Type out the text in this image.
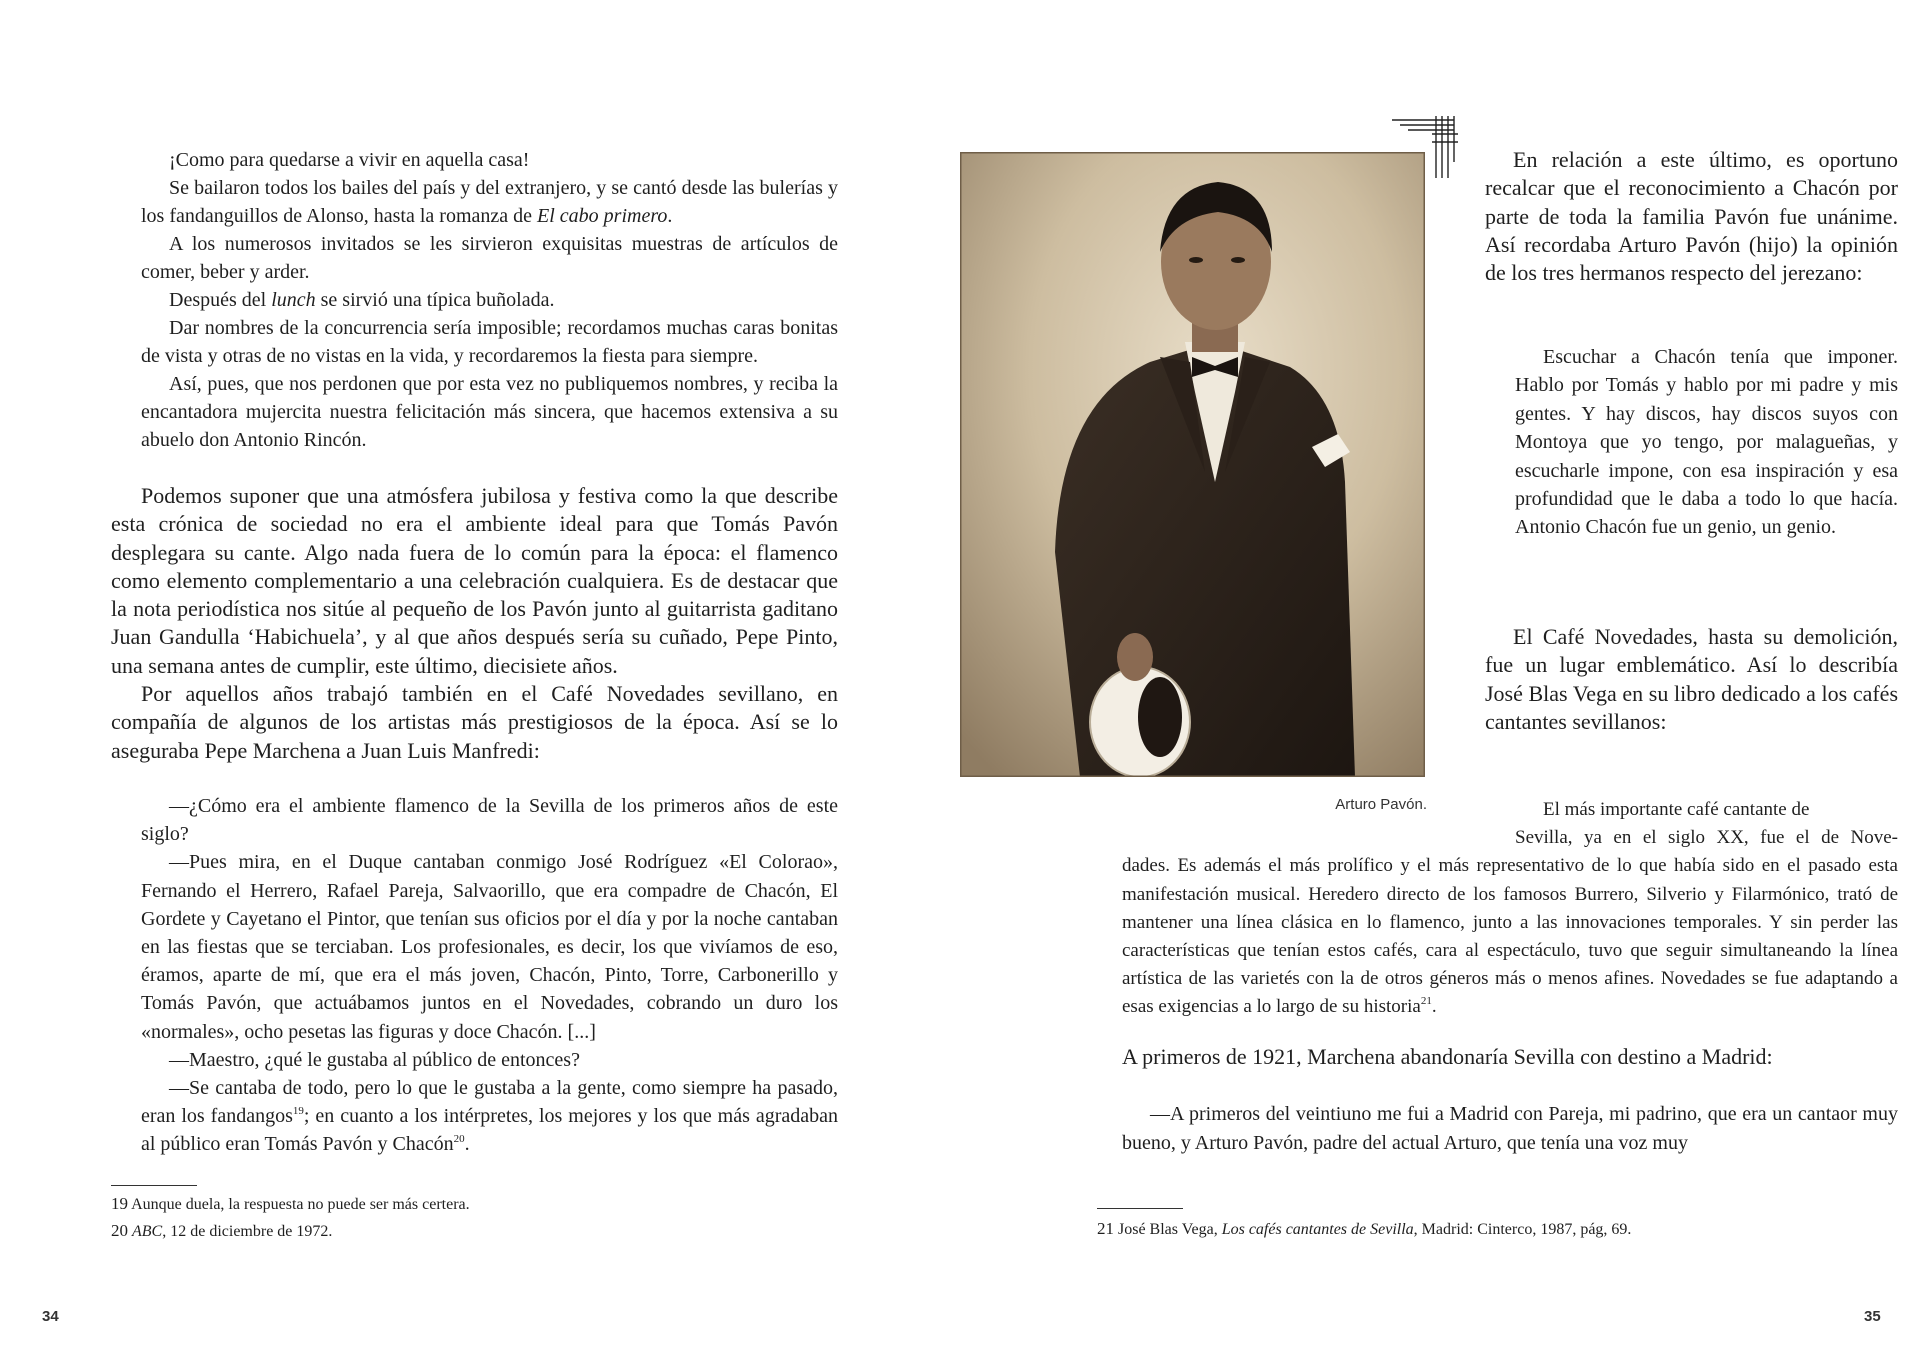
¡Como para quedarse a vivir en aquella casa!

Se bailaron todos los bailes del país y del extranjero, y se cantó desde las bulerías y los fandanguillos de Alonso, hasta la romanza de El cabo primero.

A los numerosos invitados se les sirvieron exquisitas muestras de artículos de comer, beber y arder.

Después del lunch se sirvió una típica buñolada.

Dar nombres de la concurrencia sería imposible; recordamos muchas caras bonitas de vista y otras de no vistas en la vida, y recordaremos la fiesta para siempre.

Así, pues, que nos perdonen que por esta vez no publiquemos nombres, y reciba la encantadora mujercita nuestra felicitación más sincera, que hacemos extensiva a su abuelo don Antonio Rincón.

Podemos suponer que una atmósfera jubilosa y festiva como la que describe esta crónica de sociedad no era el ambiente ideal para que Tomás Pavón desplegara su cante. Algo nada fuera de lo común para la época: el flamenco como elemento complementario a una celebración cualquiera. Es de destacar que la nota periodística nos sitúe al pequeño de los Pavón junto al guitarrista gaditano Juan Gandulla ‘Habichuela’, y al que años después sería su cuñado, Pepe Pinto, una semana antes de cumplir, este último, diecisiete años.

Por aquellos años trabajó también en el Café Novedades sevillano, en compañía de algunos de los artistas más prestigiosos de la época. Así se lo aseguraba Pepe Marchena a Juan Luis Manfredi:

—¿Cómo era el ambiente flamenco de la Sevilla de los primeros años de este siglo?

—Pues mira, en el Duque cantaban conmigo José Rodríguez «El Colorao», Fernando el Herrero, Rafael Pareja, Salvaorillo, que era compadre de Chacón, El Gordete y Cayetano el Pintor, que tenían sus oficios por el día y por la noche cantaban en las fiestas que se terciaban. Los profesionales, es decir, los que vivíamos de eso, éramos, aparte de mí, que era el más joven, Chacón, Pinto, Torre, Carbonerillo y Tomás Pavón, que actuábamos juntos en el Novedades, cobrando un duro los «normales», ocho pesetas las figuras y doce Chacón. [...]

—Maestro, ¿qué le gustaba al público de entonces?

—Se cantaba de todo, pero lo que le gustaba a la gente, como siempre ha pasado, eran los fandangos$^{19}$; en cuanto a los intérpretes, los mejores y los que más agradaban al público eran Tomás Pavón y Chacón$^{20}$.

19 Aunque duela, la respuesta no puede ser más certera.

20 ABC, 12 de diciembre de 1972.

34
Arturo Pavón.

En relación a este último, es oportuno recalcar que el reconocimiento a Chacón por parte de toda la familia Pavón fue unánime. Así recordaba Arturo Pavón (hijo) la opinión de los tres hermanos respecto del jerezano:

Escuchar a Chacón tenía que imponer. Hablo por Tomás y hablo por mi padre y mis gentes. Y hay discos, hay discos suyos con Montoya que yo tengo, por malagueñas, y escucharle impone, con esa inspiración y esa profundidad que le daba a todo lo que hacía. Antonio Chacón fue un genio, un genio.

El Café Novedades, hasta su demolición, fue un lugar emblemático. Así lo describía José Blas Vega en su libro dedicado a los cafés cantantes sevillanos:

El más importante café cantante de

Sevilla, ya en el siglo XX, fue el de Nove-

dades. Es además el más prolífico y el más representativo de lo que había sido en el pasado esta manifestación musical. Heredero directo de los famosos Burrero, Silverio y Filarmónico, trató de mantener una línea clásica en lo flamenco, junto a las innovaciones temporales. Y sin perder las características que tenían estos cafés, cara al espectáculo, tuvo que seguir simultaneando la línea artística de las varietés con la de otros géneros más o menos afines. Novedades se fue adaptando a esas exigencias a lo largo de su historia$^{21}$.

A primeros de 1921, Marchena abandonaría Sevilla con destino a Madrid:

—A primeros del veintiuno me fui a Madrid con Pareja, mi padrino, que era un cantaor muy bueno, y Arturo Pavón, padre del actual Arturo, que tenía una voz muy

21 José Blas Vega, Los cafés cantantes de Sevilla, Madrid: Cinterco, 1987, pág, 69.

35
